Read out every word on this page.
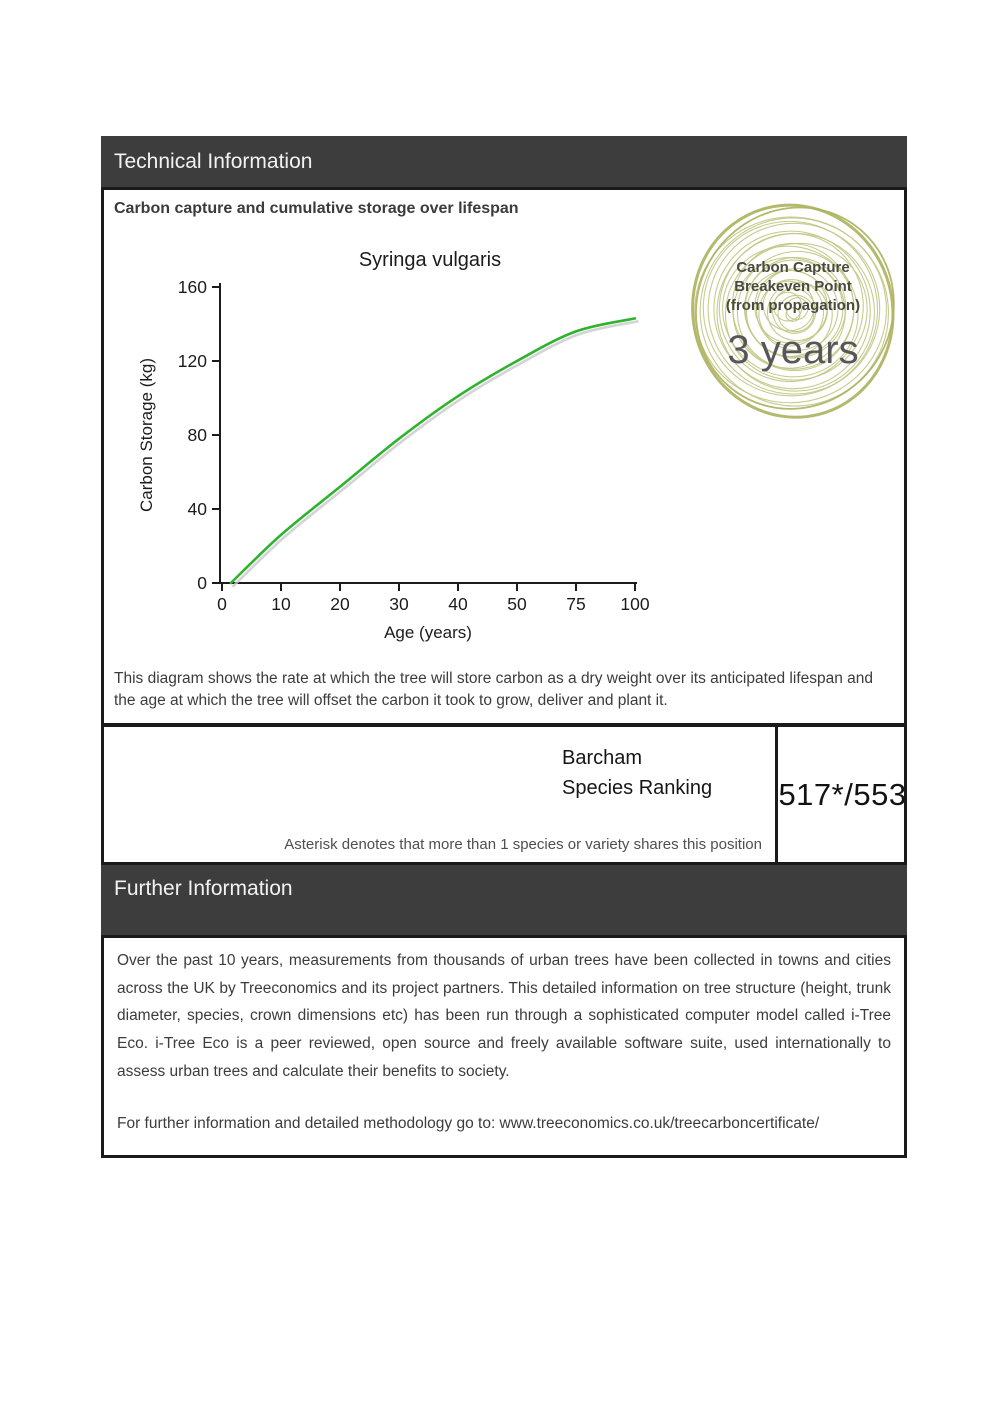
Technical Information
Carbon capture and cumulative storage over lifespan
Syringa vulgaris
Age (years)
Carbon Storage (kg)
0
40
80
120
160
0	10 20 30 40 50 75 100
Carbon Capture
Breakeven Point
(from propagation)
3 years
This diagram shows the rate at which the tree will store carbon as a dry weight over its anticipated lifespan and the age at which the tree will offset the carbon it took to grow, deliver and plant it.
Barcham
Species Ranking
Asterisk denotes that more than 1 species or variety shares this position
517*/553
Further Information

Over the past 10 years, measurements from thousands of urban trees have been collected in towns and cities across the UK by Treeconomics and its project partners. This detailed information on tree structure (height, trunk diameter, species, crown dimensions etc) has been run through a sophisticated computer model called i-Tree Eco. i-Tree Eco is a peer reviewed, open source and freely available software suite, used internationally to assess urban trees and calculate their benefits to society.

For further information and detailed methodology go to: www.treeconomics.co.uk/treecarboncertificate/
